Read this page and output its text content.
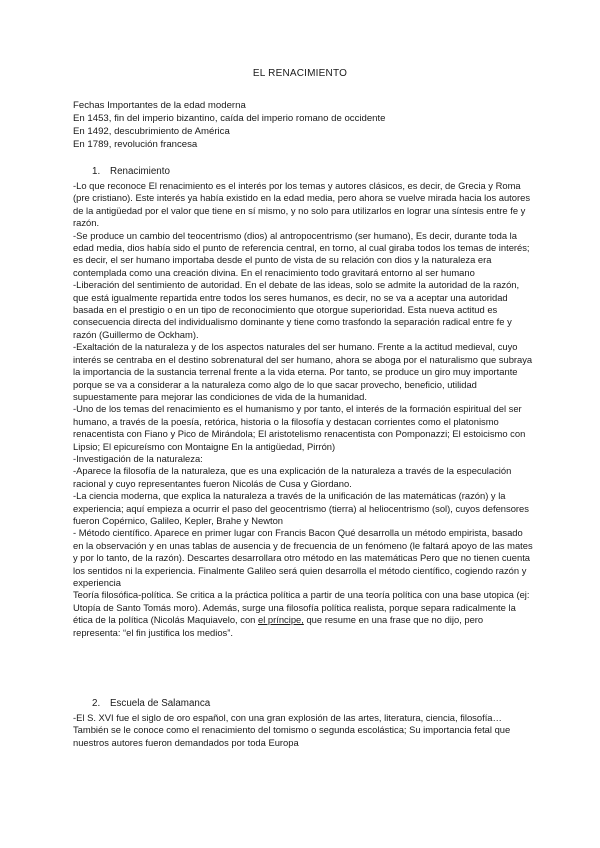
EL RENACIMIENTO
Fechas Importantes de la edad moderna
En 1453, fin del imperio bizantino, caída del imperio romano de occidente
En 1492, descubrimiento de América
En 1789, revolución francesa
1. Renacimiento

-Lo que reconoce El renacimiento es el interés por los temas y autores clásicos, es decir, de Grecia y Roma (pre cristiano). Este interés ya había existido en la edad media, pero ahora se vuelve mirada hacia los autores de la antigüedad por el valor que tiene en sí mismo, y no solo para utilizarlos en lograr una síntesis entre fe y razón.

-Se produce un cambio del teocentrismo (dios) al antropocentrismo (ser humano), Es decir, durante toda la edad media, dios había sido el punto de referencia central, en torno, al cual giraba todos los temas de interés; es decir, el ser humano importaba desde el punto de vista de su relación con dios y la naturaleza era contemplada como una creación divina. En el renacimiento todo gravitará entorno al ser humano

-Liberación del sentimiento de autoridad. En el debate de las ideas, solo se admite la autoridad de la razón, que está igualmente repartida entre todos los seres humanos, es decir, no se va a aceptar una autoridad basada en el prestigio o en un tipo de reconocimiento que otorgue superioridad. Esta nueva actitud es consecuencia directa del individualismo dominante y tiene como trasfondo la separación radical entre fe y razón (Guillermo de Ockham).

-Exaltación de la naturaleza y de los aspectos naturales del ser humano. Frente a la actitud medieval, cuyo interés se centraba en el destino sobrenatural del ser humano, ahora se aboga por el naturalismo que subraya la importancia de la sustancia terrenal frente a la vida eterna. Por tanto, se produce un giro muy importante porque se va a considerar a la naturaleza como algo de lo que sacar provecho, beneficio, utilidad supuestamente para mejorar las condiciones de vida de la humanidad.

-Uno de los temas del renacimiento es el humanismo y por tanto, el interés de la formación espiritual del ser humano, a través de la poesía, retórica, historia o la filosofía y destacan corrientes como el platonismo renacentista con Fiano y Pico de Mirándola; El aristotelismo renacentista con Pomponazzi; El estoicismo con Lipsio; El epicureísmo con Montaigne En la antigüedad, Pirrón)

-Investigación de la naturaleza:

-Aparece la filosofía de la naturaleza, que es una explicación de la naturaleza a través de la especulación racional y cuyo representantes fueron Nicolás de Cusa y Giordano.

-La ciencia moderna, que explica la naturaleza a través de la unificación de las matemáticas (razón) y la experiencia; aquí empieza a ocurrir el paso del geocentrismo (tierra) al heliocentrismo (sol), cuyos defensores fueron Copérnico, Galileo, Kepler, Brahe y Newton

- Método científico. Aparece en primer lugar con Francis Bacon Qué desarrolla un método empirista, basado en la observación y en unas tablas de ausencia y de frecuencia de un fenómeno (le faltará apoyo de las mates y por lo tanto, de la razón). Descartes desarrollara otro método en las matemáticas Pero que no tienen cuenta los sentidos ni la experiencia. Finalmente Galileo será quien desarrolla el método científico, cogiendo razón y experiencia

Teoría filosófica-política. Se critica a la práctica política a partir de una teoría política con una base utopica (ej: Utopía de Santo Tomás moro). Además, surge una filosofía política realista, porque separa radicalmente la ética de la política (Nicolás Maquiavelo, con el príncipe, que resume en una frase que no dijo, pero representa: “el fin justifica los medios”.

2. Escuela de Salamanca

-El S. XVI fue el siglo de oro español, con una gran explosión de las artes, literatura, ciencia, filosofía… También se le conoce como el renacimiento del tomismo o segunda escolástica; Su importancia fetal que nuestros autores fueron demandados por toda Europa
